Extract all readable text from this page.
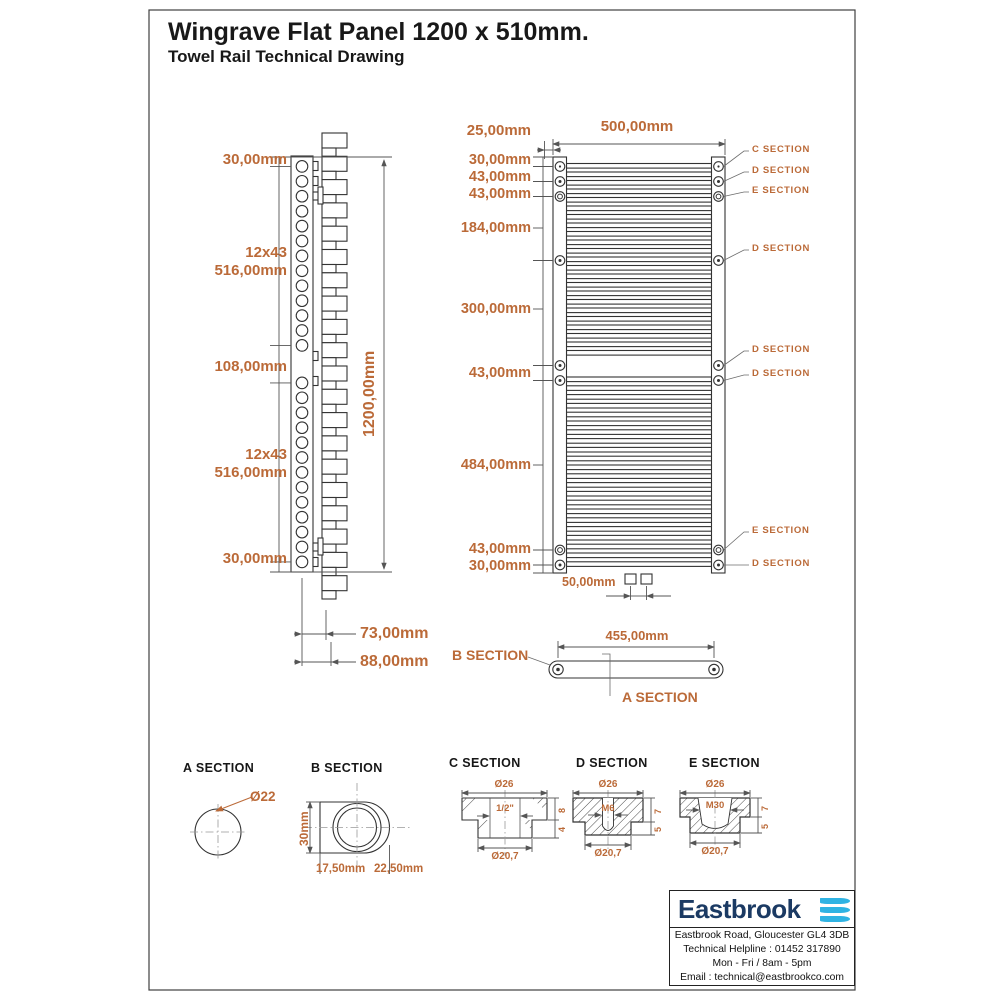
Wingrave Flat Panel 1200 x 510mm.
Towel Rail Technical Drawing
30,00mm
12x43
516,00mm
108,00mm
12x43
516,00mm
30,00mm
1200,00mm
73,00mm
88,00mm
25,00mm	500,00mm
30,00mm
43,00mm
43,00mm
184,00mm
300,00mm
43,00mm
484,00mm
43,00mm
30,00mm
50,00mm
C SECTION
D SECTION
E SECTION
D SECTION
D SECTION
D SECTION
E SECTION
D SECTION
455,00mm
B SECTION
A SECTION
A SECTION
Ø22
B SECTION
30mm
17,50mm 22,50mm
C SECTION
Ø26
1/2"
Ø20,7
8
4
D SECTION
Ø26
M6
Ø20,7
7
5
E SECTION
Ø26
M30
Ø20,7
7
5
Eastbrook
Eastbrook Road, Gloucester GL4 3DB
Technical Helpline : 01452 317890
Mon - Fri / 8am - 5pm
Email : technical@eastbrookco.com
